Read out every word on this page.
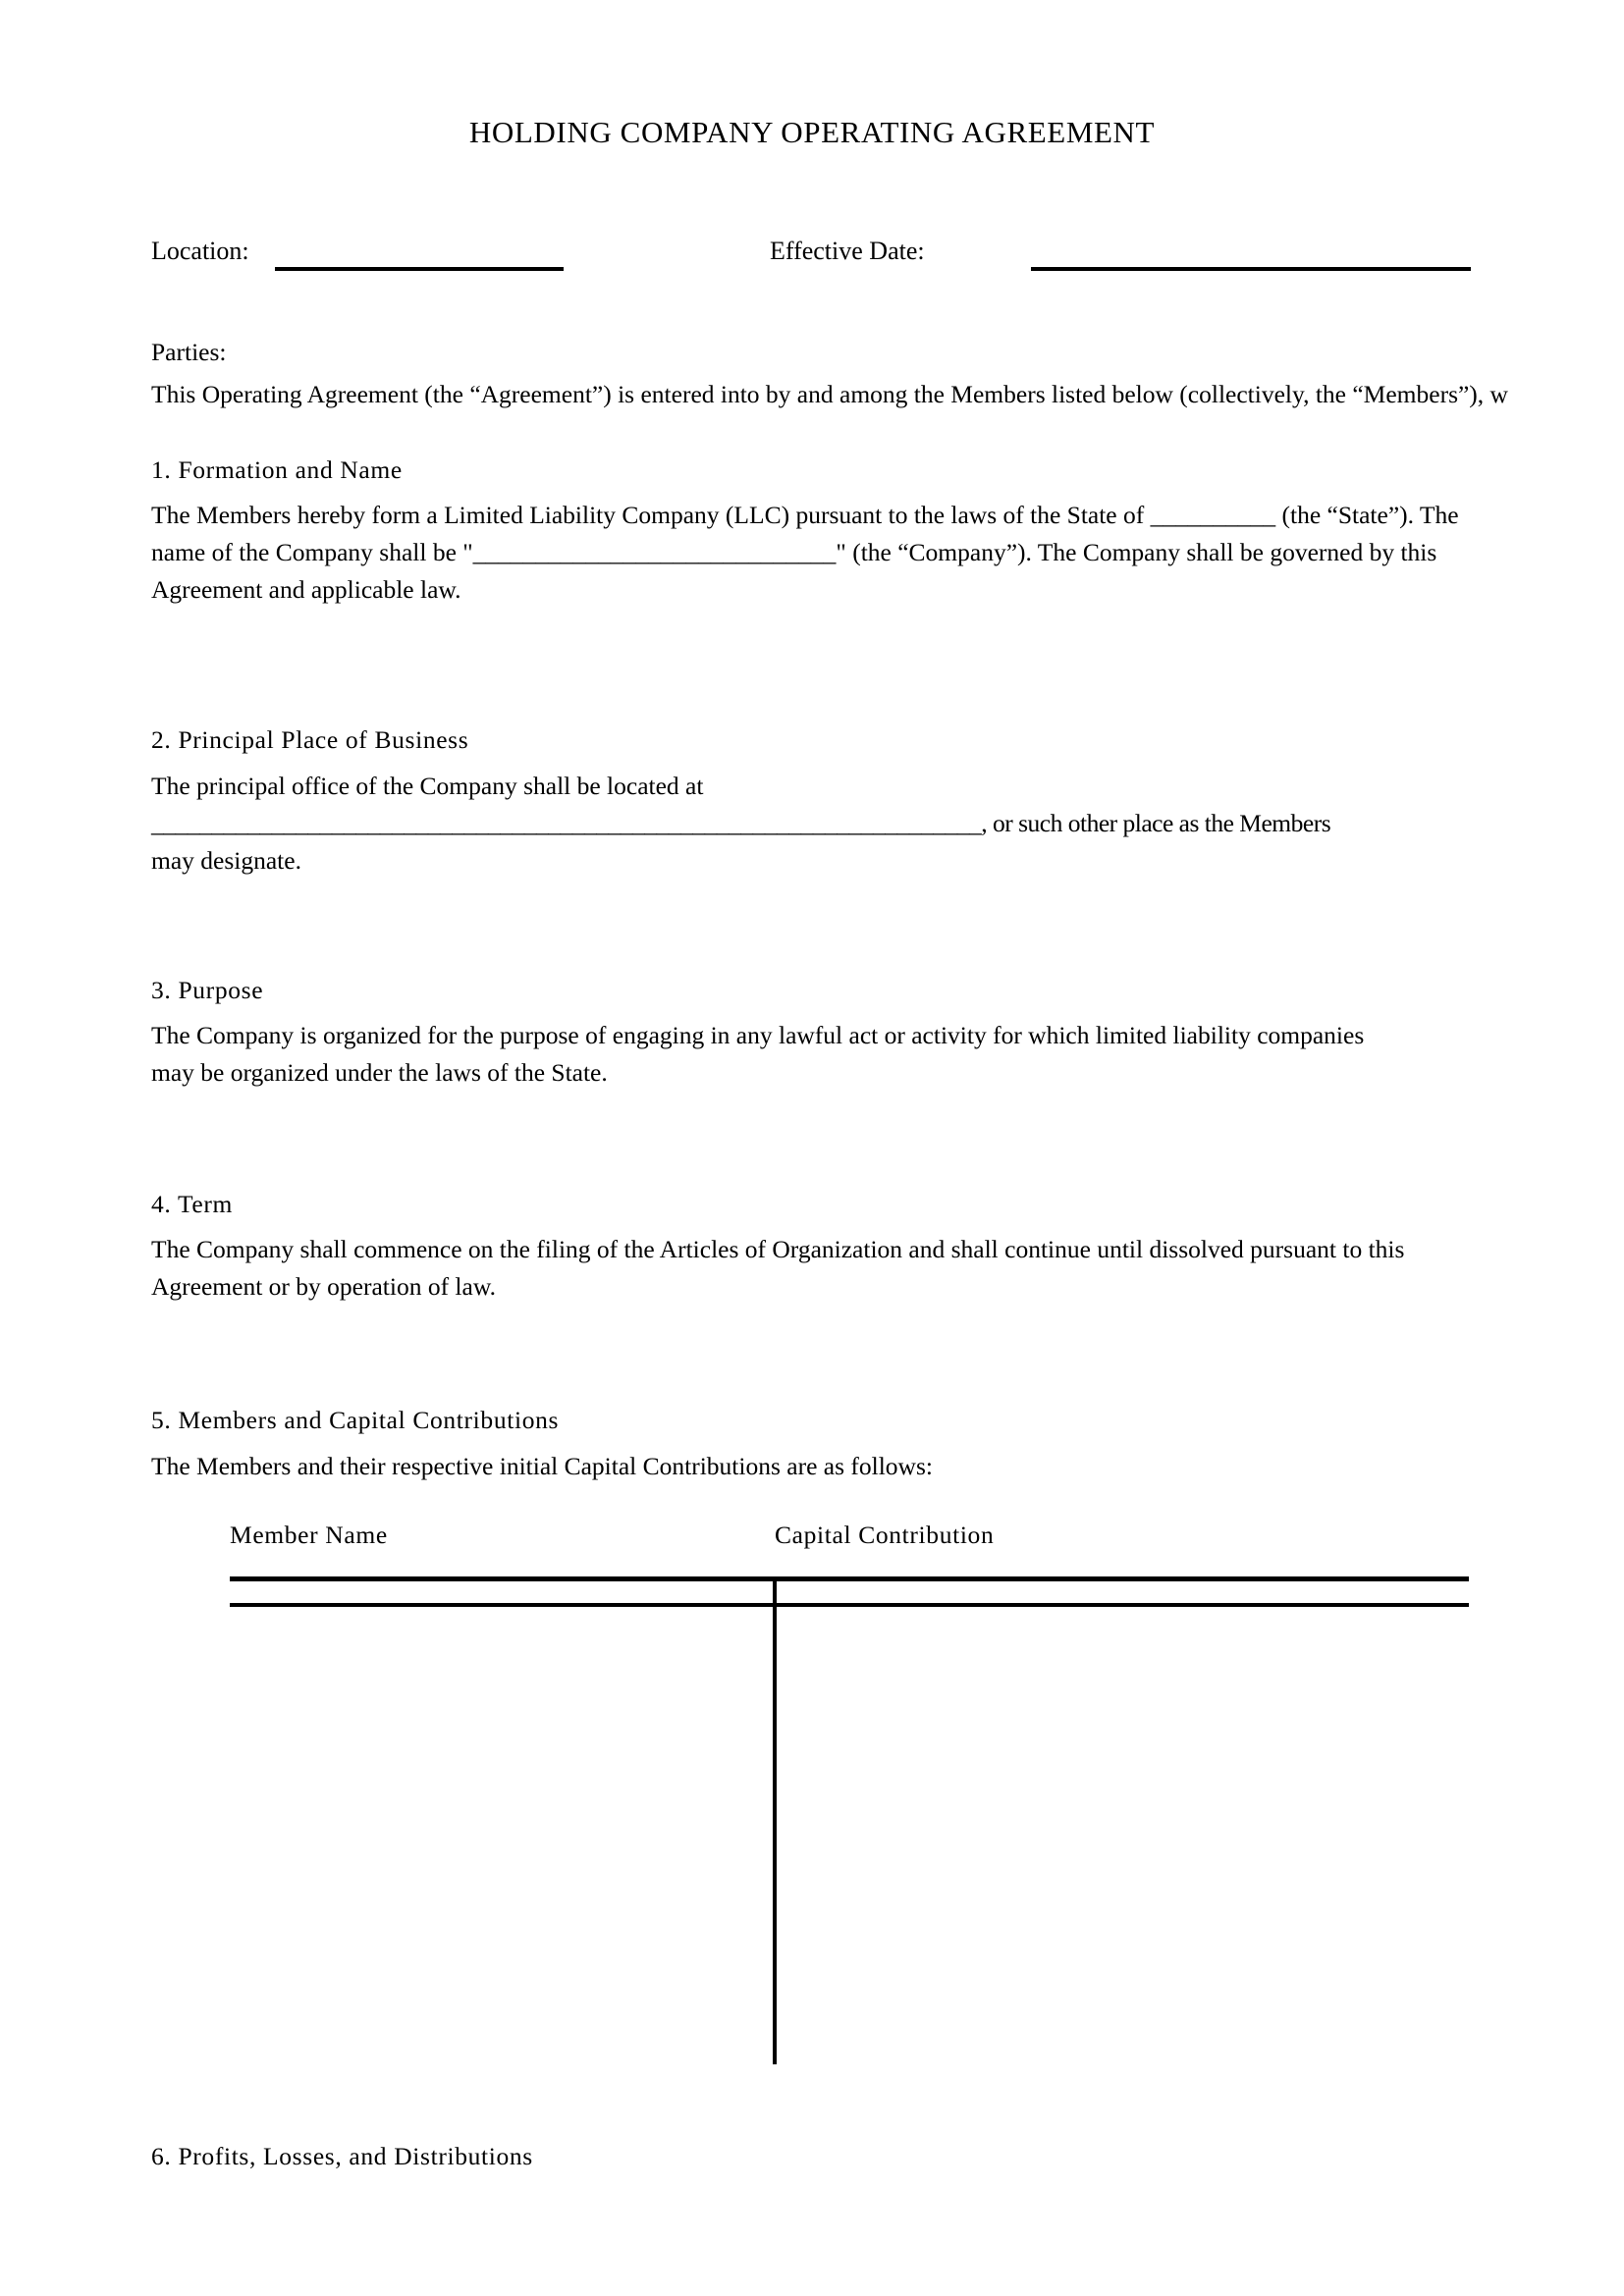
HOLDING COMPANY OPERATING AGREEMENT
Location:	Effective Date:
Parties:
This Operating Agreement (the “Agreement”) is entered into by and among the Members listed below (collectively, the “Members”), w
1. Formation and Name
The Members hereby form a Limited Liability Company (LLC) pursuant to the laws of the State of __________ (the “State”). The name of the Company shall be "_____________________________" (the “Company”). The Company shall be governed by this Agreement and applicable law.
2. Principal Place of Business
The principal office of the Company shall be located at
_____________________________________________________________________, or such other place as the Members
may designate.
3. Purpose
The Company is organized for the purpose of engaging in any lawful act or activity for which limited liability companies may be organized under the laws of the State.
4. Term
The Company shall commence on the filing of the Articles of Organization and shall continue until dissolved pursuant to this Agreement or by operation of law.
5. Members and Capital Contributions
The Members and their respective initial Capital Contributions are as follows:
Member Name	Capital Contribution
6. Profits, Losses, and Distributions
